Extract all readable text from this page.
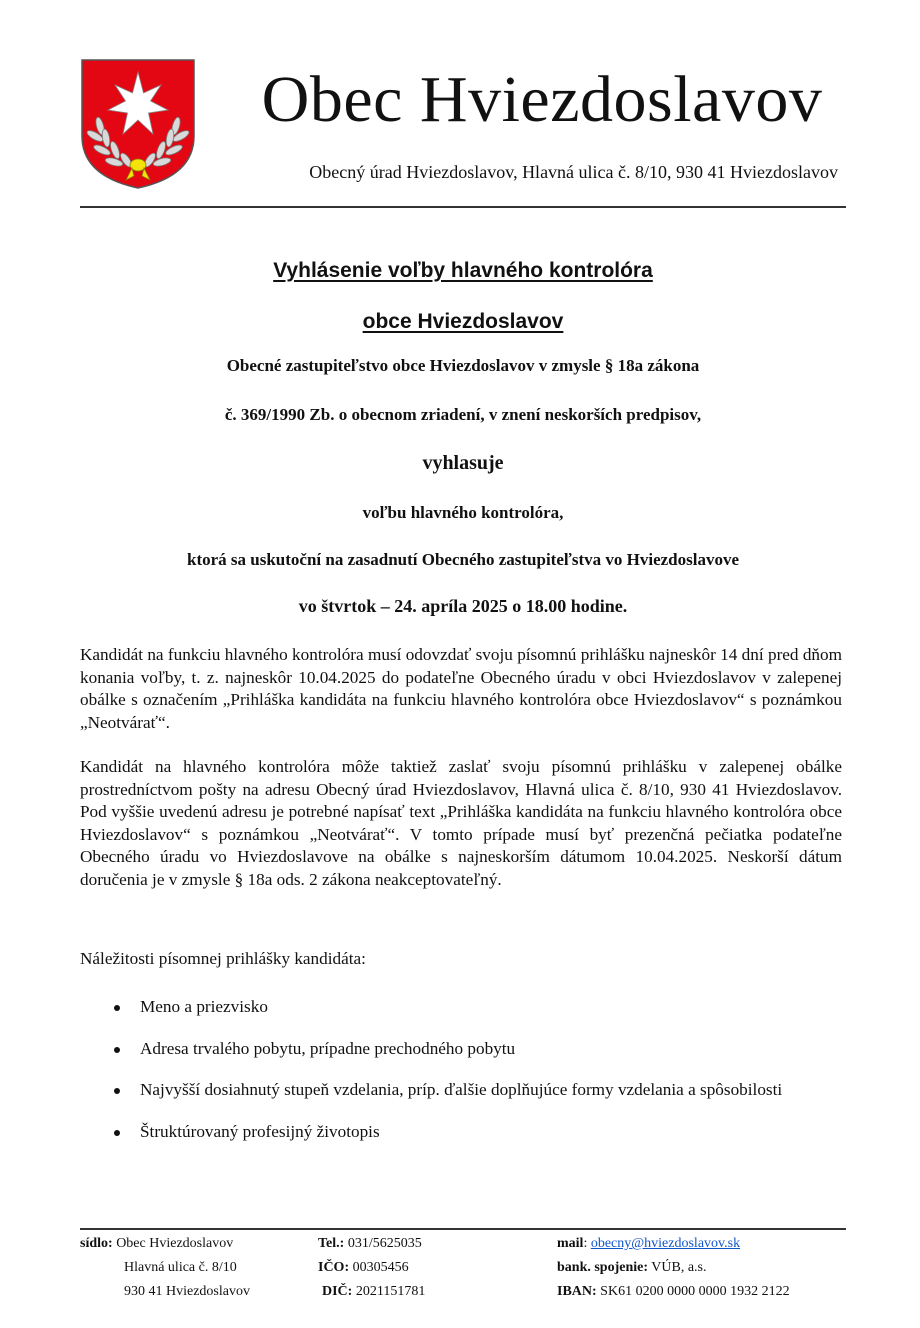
Obec Hviezdoslavov
Obecný úrad Hviezdoslavov, Hlavná ulica č. 8/10, 930 41 Hviezdoslavov
Vyhlásenie voľby hlavného kontrolóra
obce Hviezdoslavov
Obecné zastupiteľstvo obce Hviezdoslavov v zmysle § 18a zákona
č. 369/1990 Zb. o obecnom zriadení, v znení neskorších predpisov,
vyhlasuje
voľbu hlavného kontrolóra,
ktorá sa uskutoční na zasadnutí Obecného zastupiteľstva vo Hviezdoslavove
vo štvrtok – 24. apríla 2025 o 18.00 hodine.
Kandidát na funkciu hlavného kontrolóra musí odovzdať svoju písomnú prihlášku najneskôr 14 dní pred dňom konania voľby, t. z. najneskôr 10.04.2025 do podateľne Obecného úradu v obci Hviezdoslavov v zalepenej obálke s označením „Prihláška kandidáta na funkciu hlavného kontrolóra obce Hviezdoslavov“ s poznámkou „Neotvárať“.
Kandidát na hlavného kontrolóra môže taktiež zaslať svoju písomnú prihlášku v zalepenej obálke prostredníctvom pošty na adresu Obecný úrad Hviezdoslavov, Hlavná ulica č. 8/10, 930 41 Hviezdoslavov. Pod vyššie uvedenú adresu je potrebné napísať text „Prihláška kandidáta na funkciu hlavného kontrolóra obce Hviezdoslavov“ s poznámkou „Neotvárať“. V tomto prípade musí byť prezenčná pečiatka podateľne Obecného úradu vo Hviezdoslavove na obálke s najneskorším dátumom 10.04.2025. Neskorší dátum doručenia je v zmysle § 18a ods. 2 zákona neakceptovateľný.
Náležitosti písomnej prihlášky kandidáta:
Meno a priezvisko
Adresa trvalého pobytu, prípadne prechodného pobytu
Najvyšší dosiahnutý stupeň vzdelania, príp. ďalšie doplňujúce formy vzdelania a spôsobilosti
Štruktúrovaný profesijný životopis
sídlo: Obec Hviezdoslavov
Hlavná ulica č. 8/10
930 41 Hviezdoslavov
Tel.: 031/5625035
IČO: 00305456
DIČ: 2021151781
mail: obecny@hviezdoslavov.sk
bank. spojenie: VÚB, a.s.
IBAN: SK61 0200 0000 0000 1932 2122
